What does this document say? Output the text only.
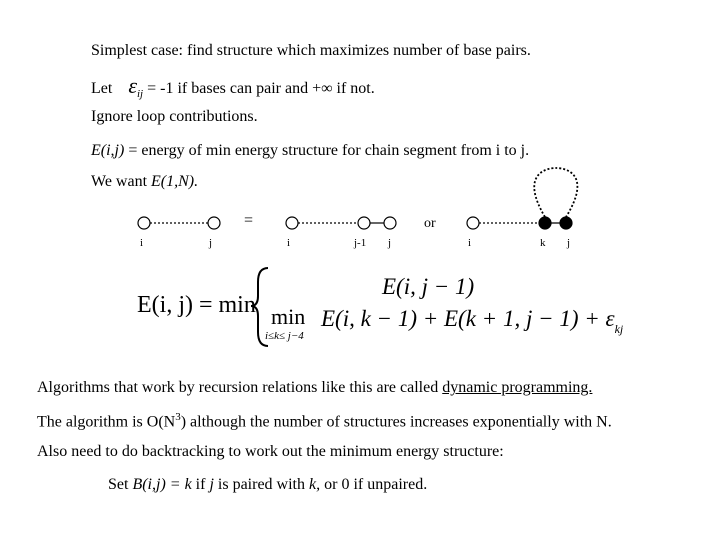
Simplest case: find structure which maximizes number of base pairs.
Let $\varepsilon_{ij} = -1$ if bases can pair and +∞ if not.
Ignore loop contributions.
E(i,j) = energy of min energy structure for chain segment from i to j.
We want E(1,N).
=	or
i	j	i	j-1 j	i	k j
E(i, j) = min
E(i, j − 1)
min
i≤k≤ j−4
E(i, k − 1) + E(k + 1, $j - 1) + \varepsilon_{kj}$
Algorithms that work by recursion relations like this are called dynamic programming.
The algorithm is $O(N^3)$ although the number of structures increases exponentially with N.
Also need to do backtracking to work out the minimum energy structure:
Set B(i,j) = k if j is paired with k, or 0 if unpaired.
